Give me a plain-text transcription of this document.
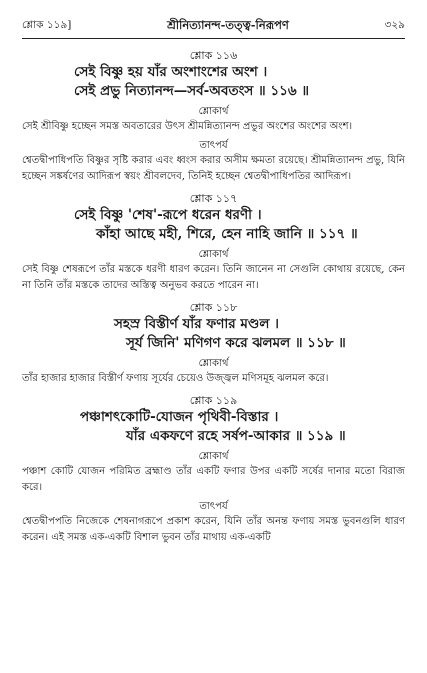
শ্লোক ১১৯]	শ্রীনিত্যানন্দ-তত্ত্ব-নিরূপণ	৩২৯
শ্লোক ১১৬
সেই বিষ্ণু হয় যাঁর অংশাংশের অংশ ।
সেই প্রভু নিত্যানন্দ—সর্ব-অবতংস ॥ ১১৬ ॥
শ্লোকার্থ
সেই শ্রীবিষ্ণু হচ্ছেন সমস্ত অবতারের উৎস শ্রীমন্নিত্যানন্দ প্রভুর অংশের অংশের অংশ।
তাৎপর্য
শ্বেতদ্বীপাধিপতি বিষ্ণুর সৃষ্টি করার এবং ধ্বংস করার অসীম ক্ষমতা রয়েছে। শ্রীমন্নিত্যানন্দ প্রভু, যিনি হচ্ছেন সঙ্কর্ষণের আদিরূপ স্বয়ং শ্রীবলদেব, তিনিই হচ্ছেন শ্বেতদ্বীপাধিপতির আদিরূপ।
শ্লোক ১১৭
সেই বিষ্ণু 'শেষ'-রূপে ধরেন ধরণী ।
কাঁহা আছে মহী, শিরে, হেন নাহি জানি ॥ ১১৭ ॥
শ্লোকার্থ
সেই বিষ্ণু শেষরূপে তাঁর মস্তকে ধরণী ধারণ করেন। তিনি জানেন না সেগুলি কোথায় রয়েছে, কেন না তিনি তাঁর মস্তকে তাদের অস্তিত্ব অনুভব করতে পারেন না।
শ্লোক ১১৮
সহস্র বিস্তীর্ণ যাঁর ফণার মণ্ডল ।
সূর্য জিনি' মণিগণ করে ঝলমল ॥ ১১৮ ॥
শ্লোকার্থ
তাঁর হাজার হাজার বিস্তীর্ণ ফণায় সূর্যের চেয়েও উজ্জ্বল মণিসমূহ ঝলমল করে।
শ্লোক ১১৯
পঞ্চাশৎকোটি-যোজন পৃথিবী-বিস্তার ।
যাঁর একফণে রহে সর্ষপ-আকার ॥ ১১৯ ॥
শ্লোকার্থ
পঞ্চাশ কোটি যোজন পরিমিত ব্রহ্মাণ্ড তাঁর একটি ফণার উপর একটি সর্ষের দানার মতো বিরাজ করে।
তাৎপর্য
শ্বেতদ্বীপপতি নিজেকে শেষনাগরূপে প্রকাশ করেন, যিনি তাঁর অনন্ত ফণায় সমস্ত ভুবনগুলি ধারণ করেন। এই সমস্ত এক-একটি বিশাল ভুবন তাঁর মাথায় এক-একটি
